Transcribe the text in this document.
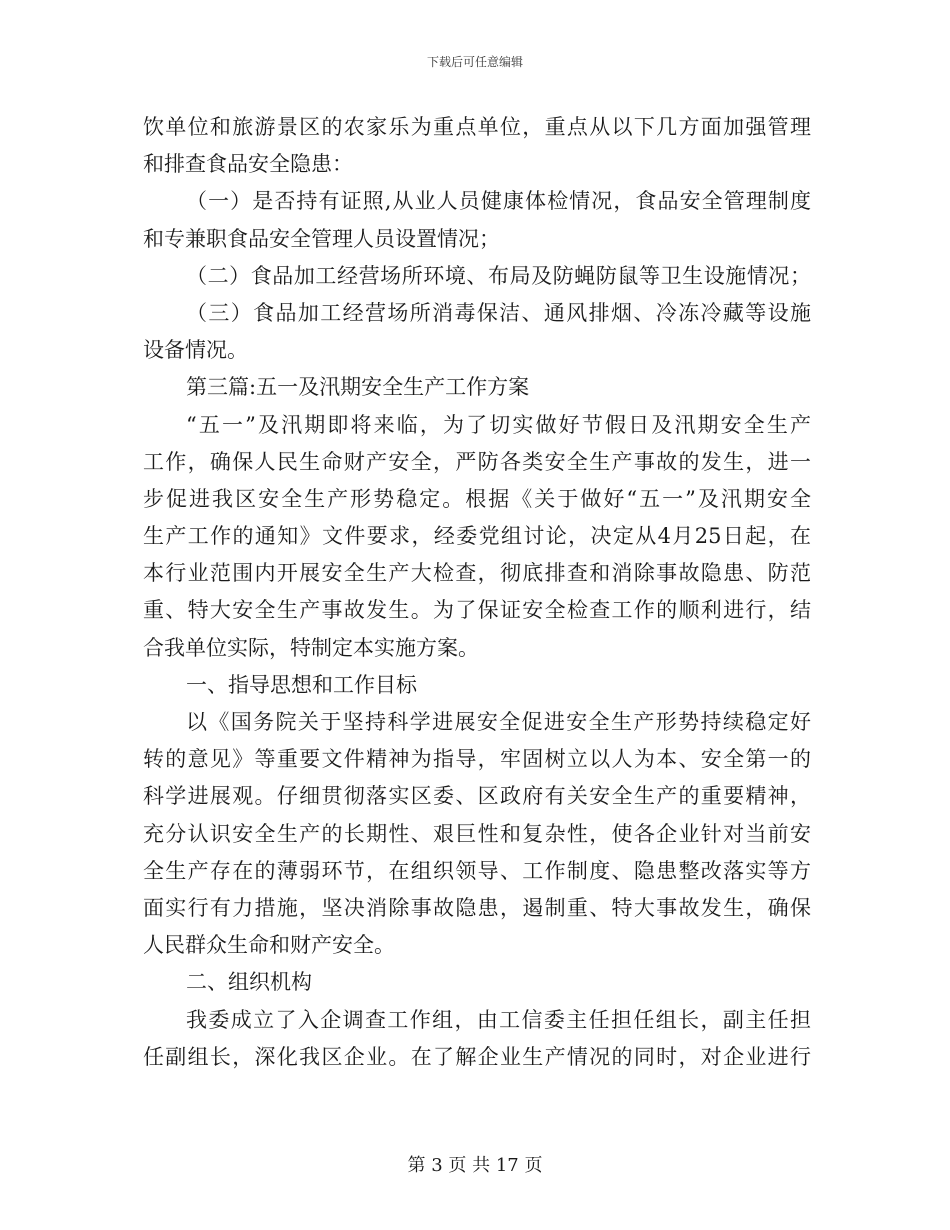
下载后可任意编辑
饮单位和旅游景区的农家乐为重点单位，重点从以下几方面加强管理
和排查食品安全隐患：
（一）是否持有证照,从业人员健康体检情况，食品安全管理制度
和专兼职食品安全管理人员设置情况；
（二）食品加工经营场所环境、布局及防蝇防鼠等卫生设施情况；
（三）食品加工经营场所消毒保洁、通风排烟、冷冻冷藏等设施
设备情况。
第三篇:五一及汛期安全生产工作方案
“五一”及汛期即将来临，为了切实做好节假日及汛期安全生产
工作，确保人民生命财产安全，严防各类安全生产事故的发生，进一
步促进我区安全生产形势稳定。根据《关于做好“五一”及汛期安全
生产工作的通知》文件要求，经委党组讨论，决定从4月25日起，在
本行业范围内开展安全生产大检查，彻底排查和消除事故隐患、防范
重、特大安全生产事故发生。为了保证安全检查工作的顺利进行，结
合我单位实际，特制定本实施方案。
一、指导思想和工作目标
以《国务院关于坚持科学进展安全促进安全生产形势持续稳定好
转的意见》等重要文件精神为指导，牢固树立以人为本、安全第一的
科学进展观。仔细贯彻落实区委、区政府有关安全生产的重要精神，
充分认识安全生产的长期性、艰巨性和复杂性，使各企业针对当前安
全生产存在的薄弱环节，在组织领导、工作制度、隐患整改落实等方
面实行有力措施，坚决消除事故隐患，遏制重、特大事故发生，确保
人民群众生命和财产安全。
二、组织机构
我委成立了入企调查工作组，由工信委主任担任组长，副主任担
任副组长，深化我区企业。在了解企业生产情况的同时，对企业进行
第 3 页 共 17 页
